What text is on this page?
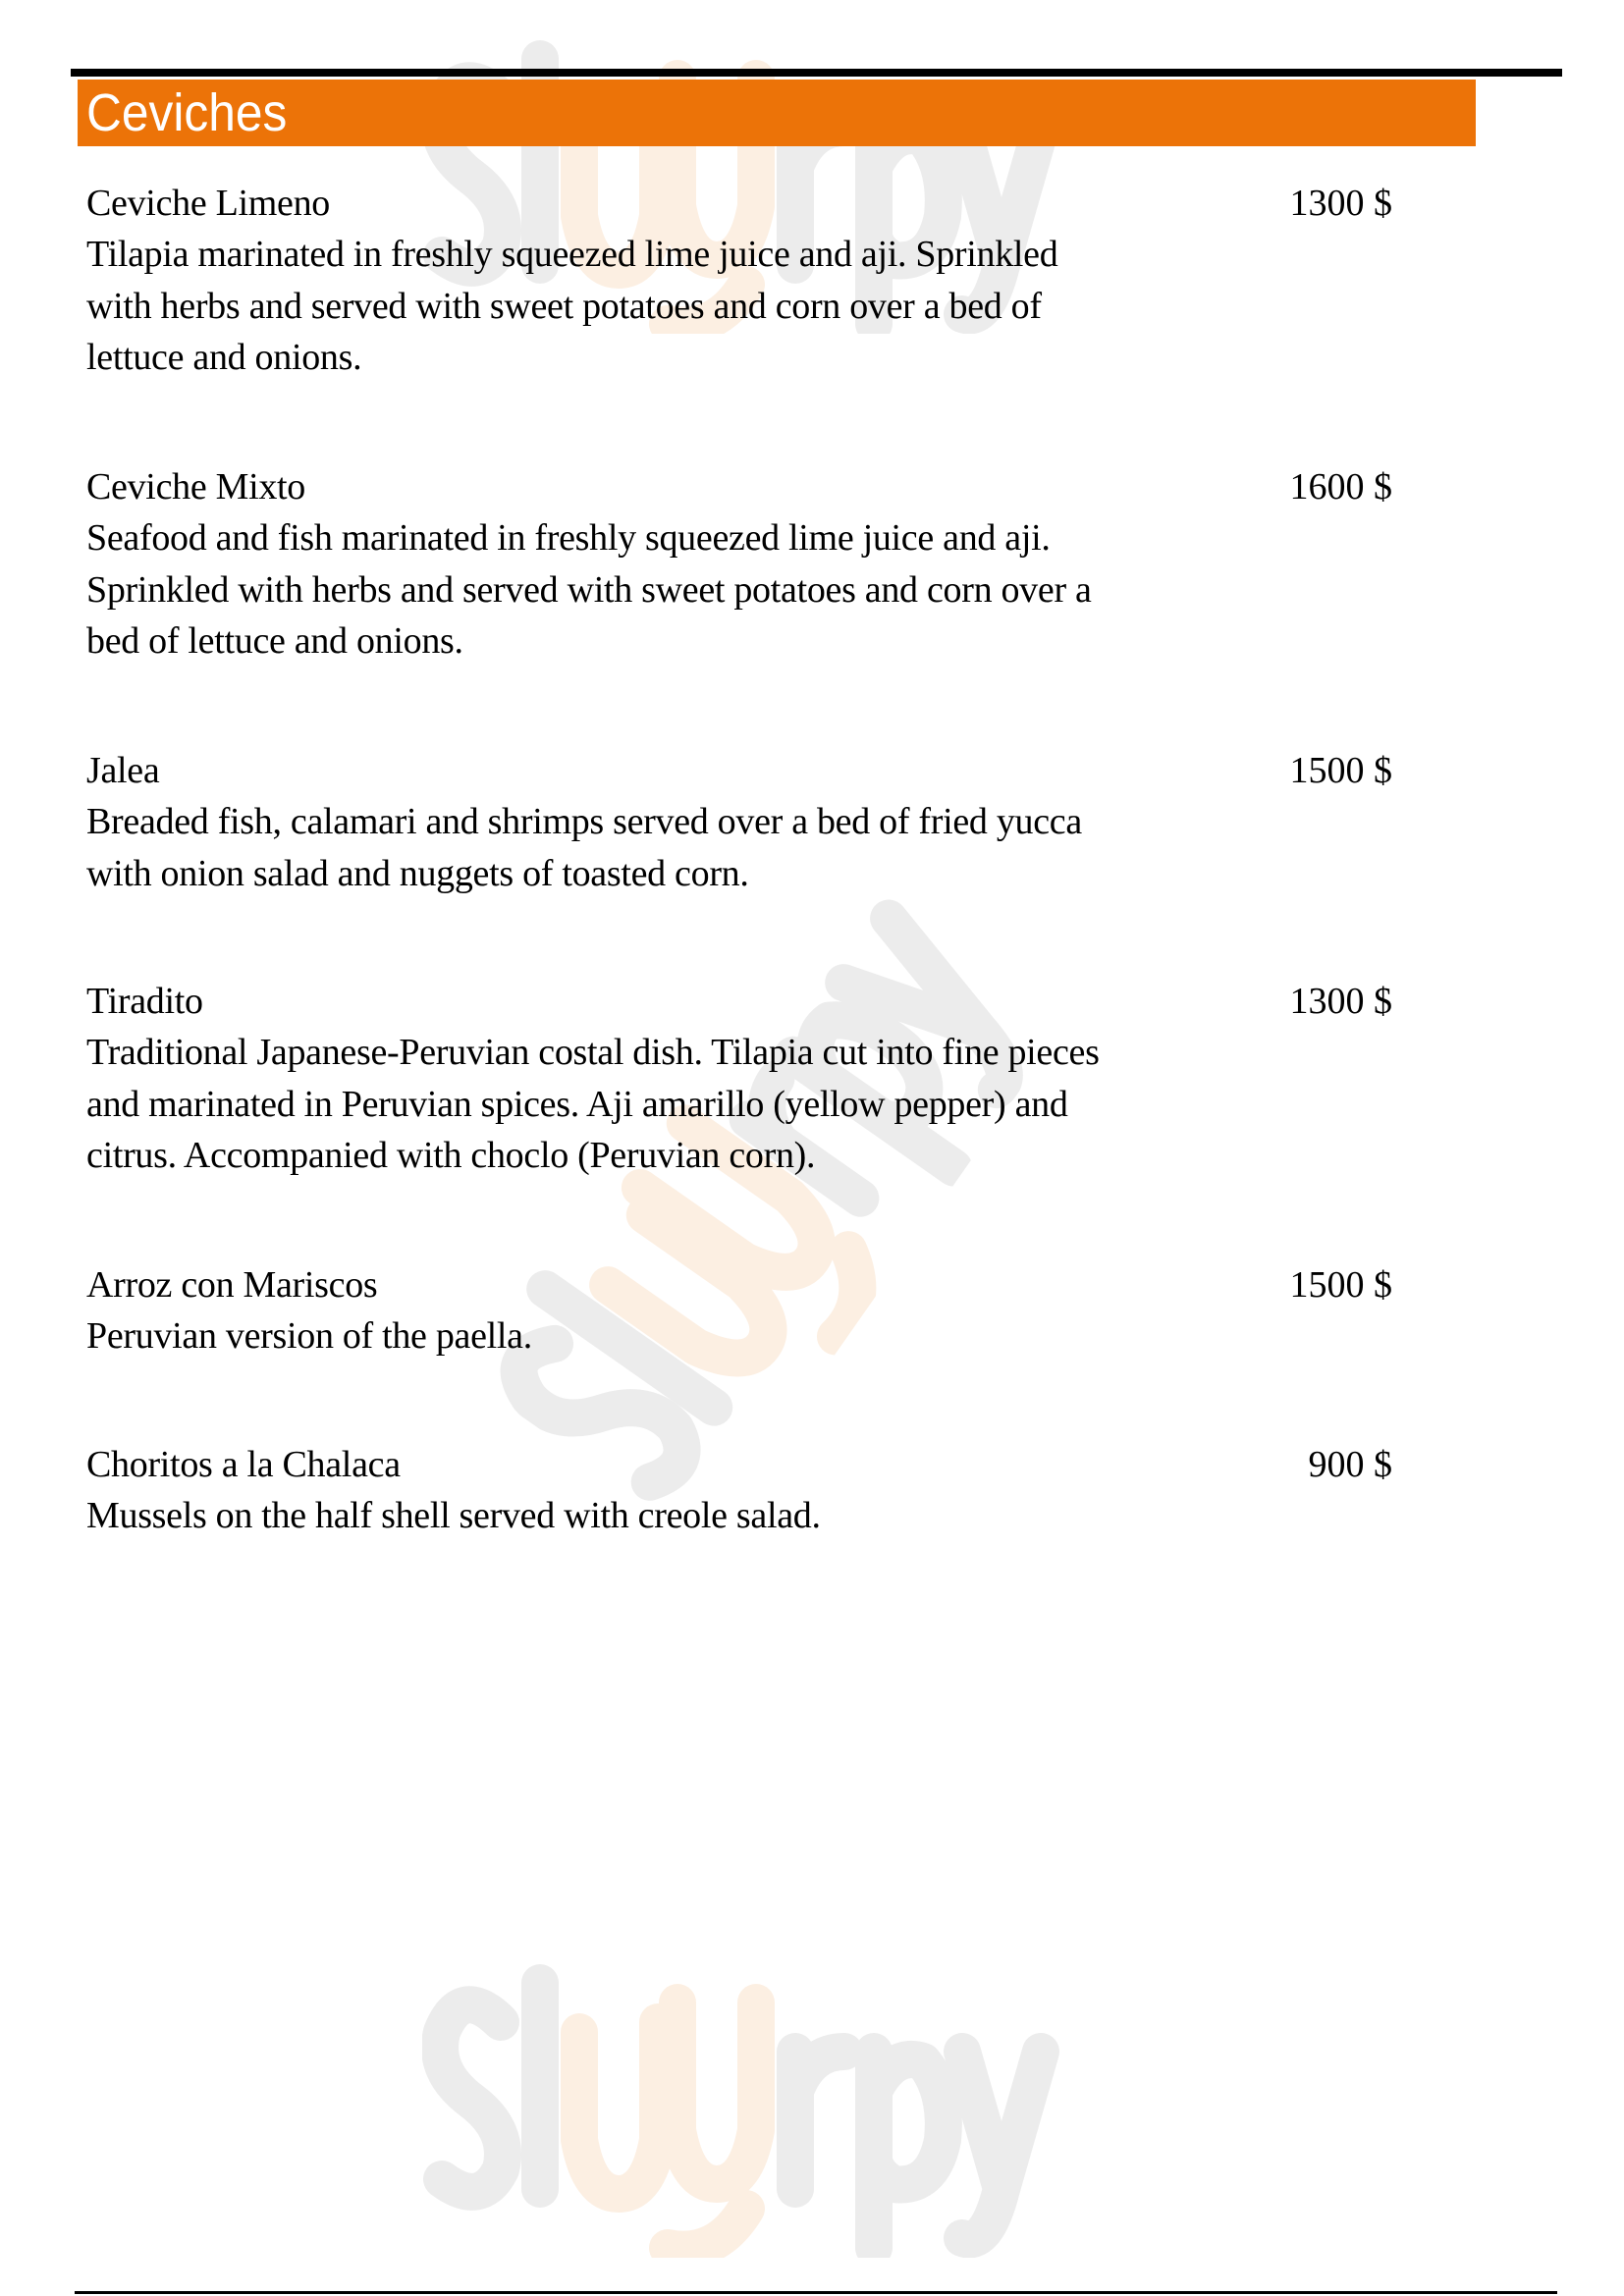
Ceviches
Ceviche Limeno	1300 $
Tilapia marinated in freshly squeezed lime juice and aji. Sprinkled
with herbs and served with sweet potatoes and corn over a bed of
lettuce and onions.
Ceviche Mixto	1600 $
Seafood and fish marinated in freshly squeezed lime juice and aji.
Sprinkled with herbs and served with sweet potatoes and corn over a
bed of lettuce and onions.
Jalea	1500 $
Breaded fish, calamari and shrimps served over a bed of fried yucca
with onion salad and nuggets of toasted corn.
Tiradito	1300 $
Traditional Japanese-Peruvian costal dish. Tilapia cut into fine pieces
and marinated in Peruvian spices. Aji amarillo (yellow pepper) and
citrus. Accompanied with choclo (Peruvian corn).
Arroz con Mariscos	1500 $
Peruvian version of the paella.
Choritos a la Chalaca	900 $
Mussels on the half shell served with creole salad.
